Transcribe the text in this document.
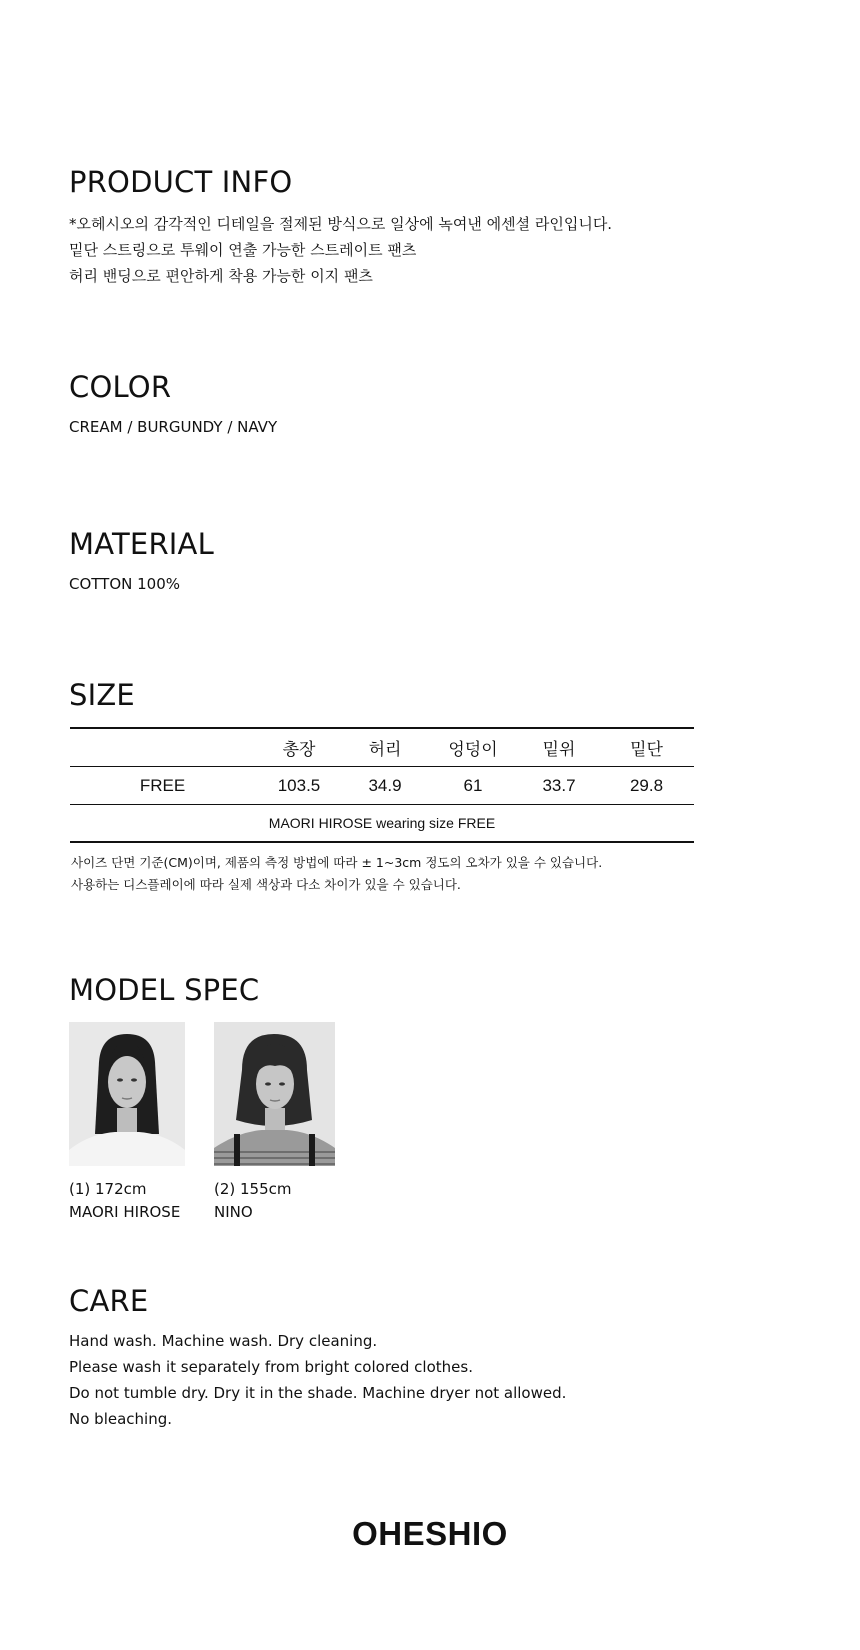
PRODUCT INFO
*오헤시오의 감각적인 디테일을 절제된 방식으로 일상에 녹여낸 에센셜 라인입니다.
밑단 스트링으로 투웨이 연출 가능한 스트레이트 팬츠
허리 밴딩으로 편안하게 착용 가능한 이지 팬츠
COLOR
CREAM / BURGUNDY / NAVY
MATERIAL
COTTON 100%
SIZE
	총장	허리	엉덩이	밑위	밑단
FREE	103.5	34.9	61	33.7	29.8
MAORI HIROSE wearing size FREE					
사이즈 단면 기준(CM)이며, 제품의 측정 방법에 따라 ± 1~3cm 정도의 오차가 있을 수 있습니다.
사용하는 디스플레이에 따라 실제 색상과 다소 차이가 있을 수 있습니다.
MODEL SPEC
(1) 172cm
MAORI HIROSE
(2) 155cm
NINO
CARE
Hand wash. Machine wash. Dry cleaning.
Please wash it separately from bright colored clothes.
Do not tumble dry. Dry it in the shade. Machine dryer not allowed.
No bleaching.
OHESHIO
